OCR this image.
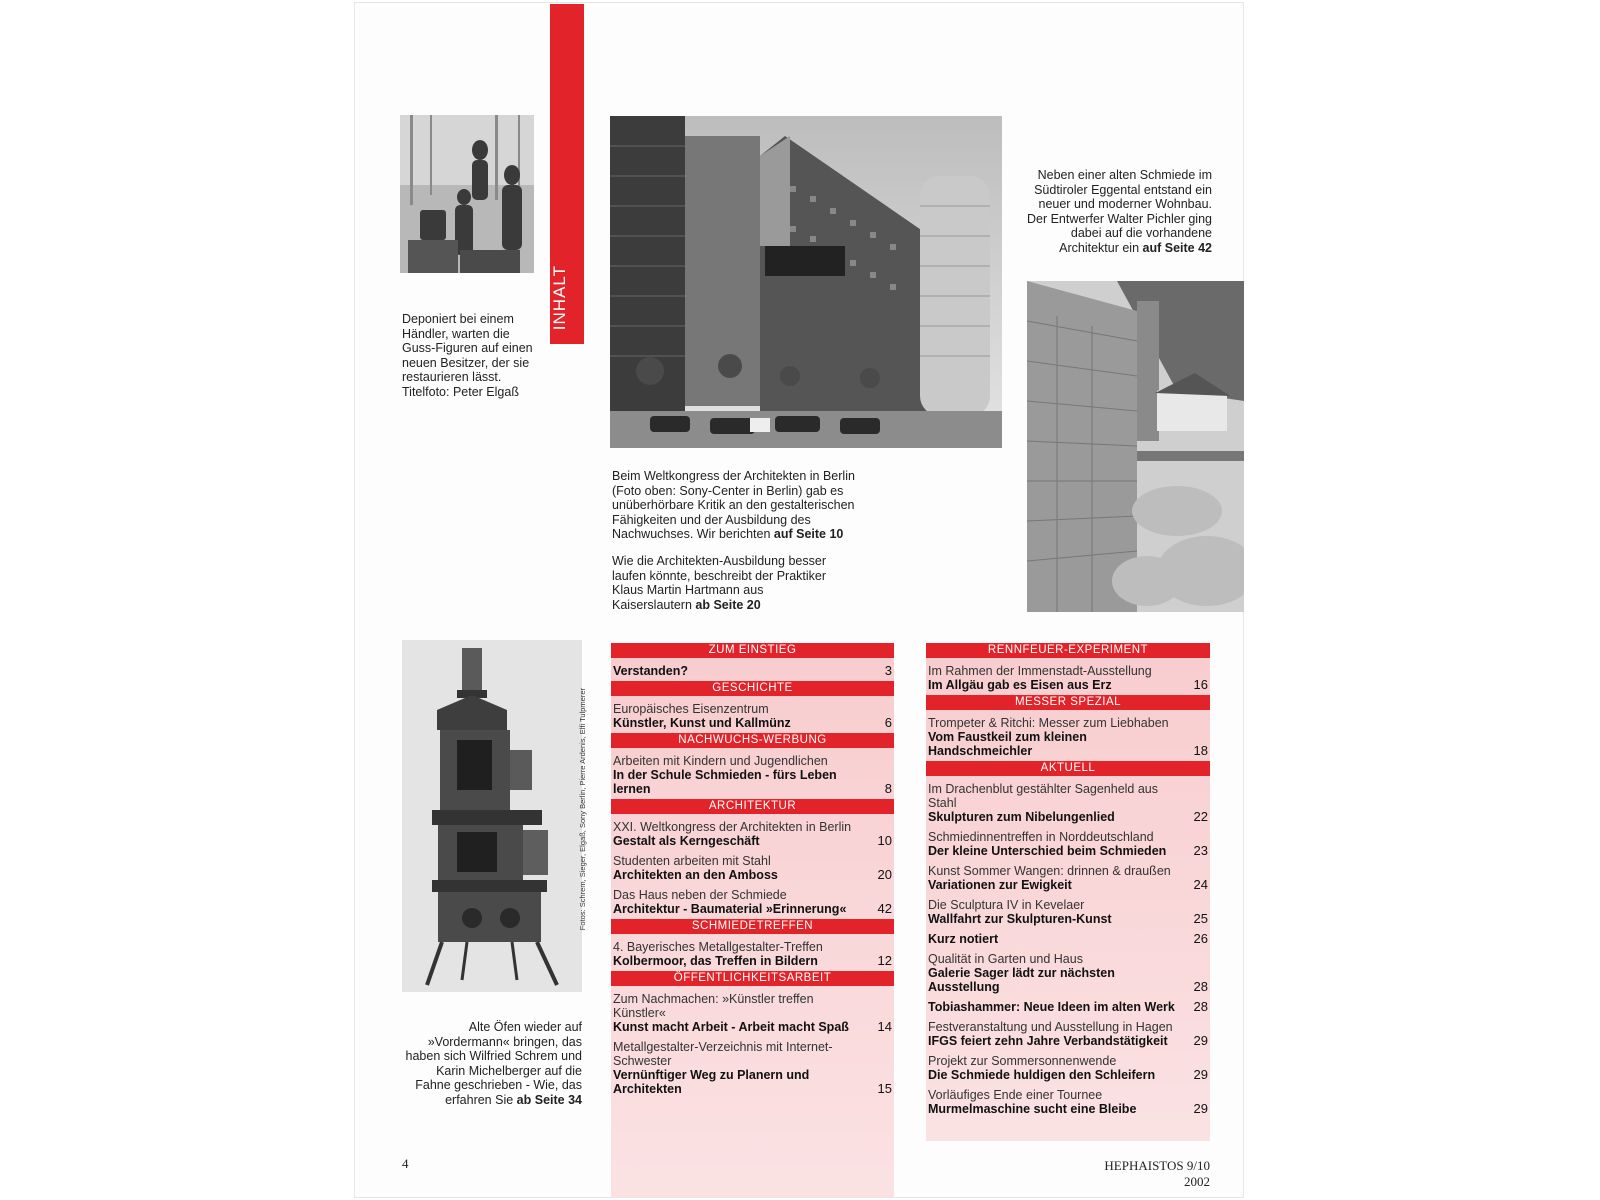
INHALT
Deponiert bei einem Händler, warten die Guss-Figuren auf einen neuen Besitzer, der sie restaurieren lässt. Titelfoto: Peter Elgaß
Beim Weltkongress der Architekten in Berlin (Foto oben: Sony-Center in Berlin) gab es unüberhörbare Kritik an den gestalterischen Fähigkeiten und der Ausbildung des Nachwuchses. Wir berichten auf Seite 10
Wie die Architekten-Ausbildung besser laufen könnte, beschreibt der Praktiker Klaus Martin Hartmann aus Kaiserslautern ab Seite 20
Neben einer alten Schmiede im Südtiroler Eggental entstand ein neuer und moderner Wohnbau. Der Entwerfer Walter Pichler ging dabei auf die vorhandene Architektur ein auf Seite 42
Fotos: Schrem, Sieger, Elgaß, Sony Berlin, Pierre Ardenis, Elfi Tulpmerer
Alte Öfen wieder auf »Vordermann« bringen, das haben sich Wilfried Schrem und Karin Michelberger auf die Fahne geschrieben - Wie, das erfahren Sie ab Seite 34
ZUM EINSTIEG
Verstanden?	3
GESCHICHTE
Europäisches Eisenzentrum
Künstler, Kunst und Kallmünz	6
NACHWUCHS-WERBUNG
Arbeiten mit Kindern und Jugendlichen
In der Schule Schmieden - fürs Leben lernen	8
ARCHITEKTUR
XXI. Weltkongress der Architekten in Berlin
Gestalt als Kerngeschäft	10
Studenten arbeiten mit Stahl
Architekten an den Amboss	20
Das Haus neben der Schmiede
Architektur - Baumaterial »Erinnerung«	42
SCHMIEDETREFFEN
4. Bayerisches Metallgestalter-Treffen
Kolbermoor, das Treffen in Bildern	12
ÖFFENTLICHKEITSARBEIT
Zum Nachmachen: »Künstler treffen Künstler«
Kunst macht Arbeit - Arbeit macht Spaß	14
Metallgestalter-Verzeichnis mit Internet-Schwester
Vernünftiger Weg zu Planern und Architekten	15
RENNFEUER-EXPERIMENT
Im Rahmen der Immenstadt-Ausstellung
Im Allgäu gab es Eisen aus Erz	16
MESSER SPEZIAL
Trompeter & Ritchi: Messer zum Liebhaben
Vom Faustkeil zum kleinen Handschmeichler	18
AKTUELL
Im Drachenblut gestählter Sagenheld aus Stahl
Skulpturen zum Nibelungenlied	22
Schmiedinnentreffen in Norddeutschland
Der kleine Unterschied beim Schmieden	23
Kunst Sommer Wangen: drinnen & draußen
Variationen zur Ewigkeit	24
Die Sculptura IV in Kevelaer
Wallfahrt zur Skulpturen-Kunst	25
Kurz notiert	26
Qualität in Garten und Haus
Galerie Sager lädt zur nächsten Ausstellung	28
Tobiashammer: Neue Ideen im alten Werk	28
Festveranstaltung und Ausstellung in Hagen
IFGS feiert zehn Jahre Verbandstätigkeit	29
Projekt zur Sommersonnenwende
Die Schmiede huldigen den Schleifern	29
Vorläufiges Ende einer Tournee
Murmelmaschine sucht eine Bleibe	29
4	HEPHAISTOS 9/10 2002
